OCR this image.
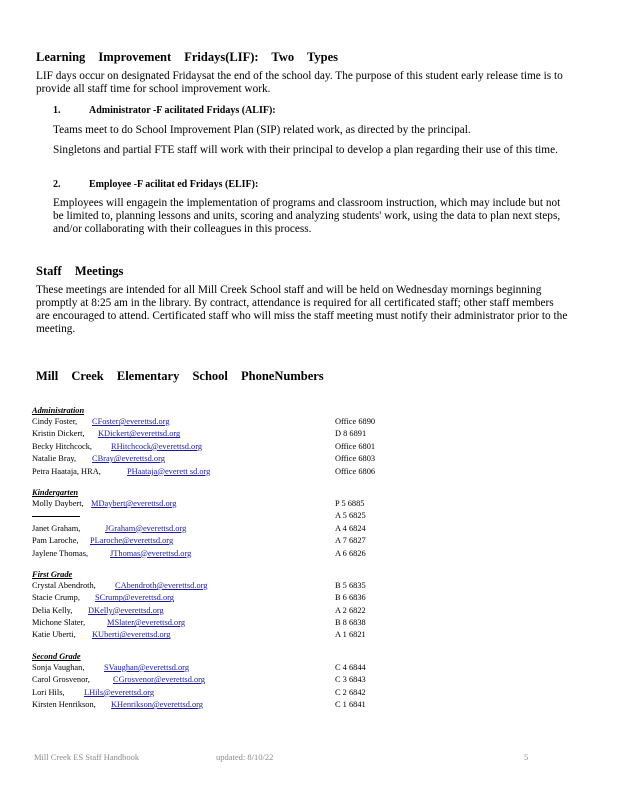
Learning Improvement Fridays(LIF): Two Types

LIF days occur on designated Fridaysat the end of the school day. The purpose of this student early release time is to provide all staff time for school improvement work.

1.	Administrator -F acilitated Fridays (ALIF):

Teams meet to do School Improvement Plan (SIP) related work, as directed by the principal.

Singletons and partial FTE staff will work with their principal to develop a plan regarding their use of this time.

2.	Employee -F acilitat ed Fridays (ELIF):

Employees will engagein the implementation of programs and classroom instruction, which may include but not be limited to, planning lessons and units, scoring and analyzing students' work, using the data to plan next steps, and/or collaborating with their colleagues in this process.

Staff Meetings

These meetings are intended for all Mill Creek School staff and will be held on Wednesday mornings beginning promptly at 8:25 am in the library. By contract, attendance is required for all certificated staff; other staff members are encouraged to attend. Certificated staff who will miss the staff meeting must notify their administrator prior to the meeting.

Mill Creek Elementary School PhoneNumbers
Administration
Cindy Foster, CFoster@everettsd.org	Office 6890
Kristin Dickert, KDickert@everettsd.org	D 8 6891
Becky Hitchcock, RHitchcock@everettsd.org	Office 6801
Natalie Bray, CBray@everettsd.org	Office 6803
Petra Haataja, HRA,	PHaataja@everett sd.org	Office 6806
Kindergarten
Molly Daybert, MDaybert@everettsd.org	P 5 6885
A 5 6825
Janet Graham,	JGraham@everettsd.org	A 4 6824
Pam Laroche, PLaroche@everettsd.org	A 7 6827
Jaylene Thomas,	JThomas@everettsd.org	A 6 6826
First Grade
Crystal Abendroth, CAbendroth@everettsd.org	B 5 6835
Stacie Crump, SCrump@everettsd.org	B 6 6836
Delia Kelly, DKelly@everettsd.org	A 2 6822
Michone Slater,	MSlater@everettsd.org	B 8 6838
Katie Uberti, KUberti@everettsd.org	A 1 6821
Second Grade
Sonja Vaughan, SVaughan@everettsd.org	C 4 6844
Carol Grosvenor,	CGrosvenor@everettsd.org	C 3 6843
Lori Hils, LHils@everettsd.org	C 2 6842
Kirsten Henrikson, KHenrikson@everettsd.org	C 1 6841
Mill Creek ES Staff Handbook	updated: 8/10/22	5
